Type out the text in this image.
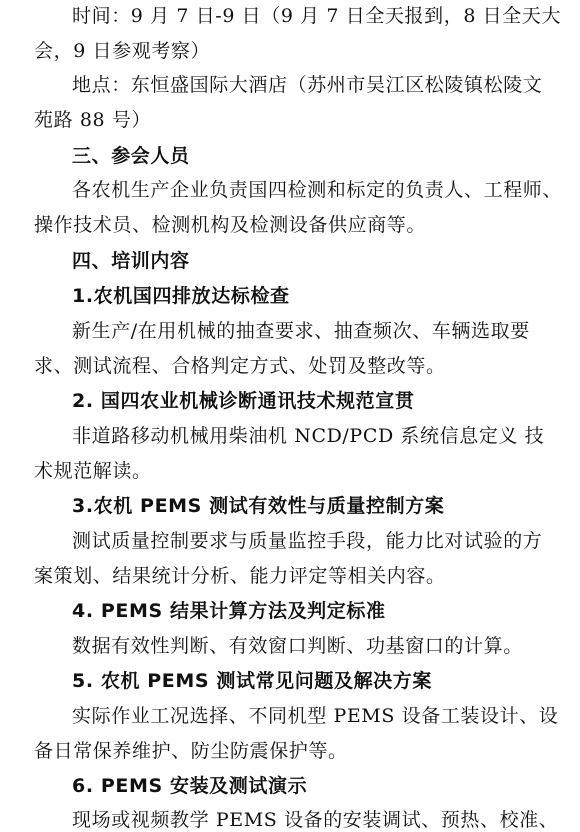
时间：9 月 7 日-9 日（9 月 7 日全天报到，8 日全天大
会，9 日参观考察）
地点：东恒盛国际大酒店（苏州市吴江区松陵镇松陵文
苑路 88 号）
三、参会人员
各农机生产企业负责国四检测和标定的负责人、工程师、
操作技术员、检测机构及检测设备供应商等。
四、培训内容
1.农机国四排放达标检查
新生产/在用机械的抽查要求、抽查频次、车辆选取要
求、测试流程、合格判定方式、处罚及整改等。
2. 国四农业机械诊断通讯技术规范宣贯
非道路移动机械用柴油机 NCD/PCD 系统信息定义 技
术规范解读。
3.农机 PEMS 测试有效性与质量控制方案
测试质量控制要求与质量监控手段，能力比对试验的方
案策划、结果统计分析、能力评定等相关内容。
4. PEMS 结果计算方法及判定标准
数据有效性判断、有效窗口判断、功基窗口的计算。
5. 农机 PEMS 测试常见问题及解决方案
实际作业工况选择、不同机型 PEMS 设备工装设计、设
备日常保养维护、防尘防震保护等。
6. PEMS 安装及测试演示
现场或视频教学 PEMS 设备的安装调试、预热、校准、
